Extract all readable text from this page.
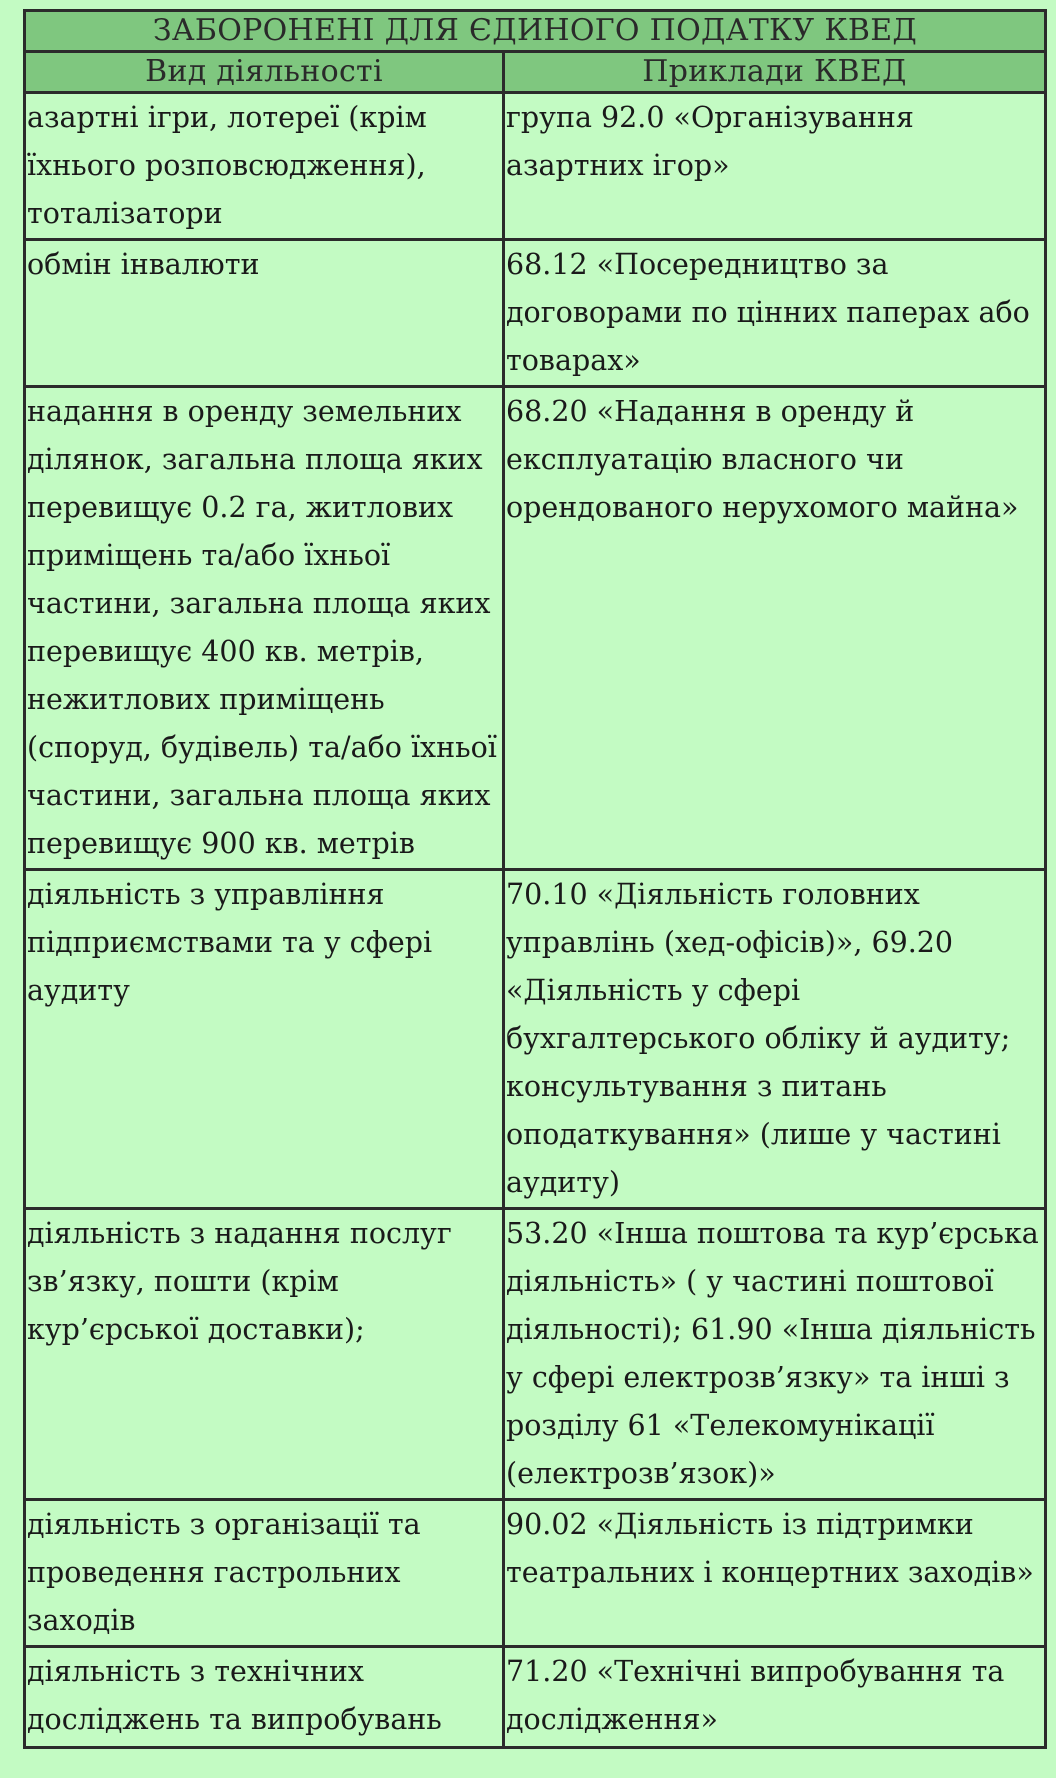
ЗАБОРОНЕНІ ДЛЯ ЄДИНОГО ПОДАТКУ КВЕД	
Вид діяльності	Приклади КВЕД
азартні ігри, лотереї (крім їхнього розповсюдження), тоталізатори	група 92.0 «Організування азартних ігор»
обмін інвалюти	68.12 «Посередництво за договорами по цінних паперах або товарах»
надання в оренду земельних ділянок, загальна площа яких перевищує 0.2 га, житлових приміщень та/або їхньої частини, загальна площа яких перевищує 400 кв. метрів, нежитлових приміщень (споруд, будівель) та/або їхньої частини, загальна площа яких перевищує 900 кв. метрів	68.20 «Надання в оренду й експлуатацію власного чи орендованого нерухомого майна»
діяльність з управління підприємствами та у сфері аудиту	70.10 «Діяльність головних управлінь (хед-офісів)», 69.20 «Діяльність у сфері бухгалтерського обліку й аудиту; консультування з питань оподаткування» (лише у частині аудиту)
діяльність з надання послуг зв’язку, пошти (крім кур’єрської доставки);	53.20 «Інша поштова та кур’єрська діяльність» ( у частині поштової діяльності); 61.90 «Інша діяльність у сфері електрозв’язку» та інші з розділу 61 «Телекомунікації (електрозв’язок)»
діяльність з організації та проведення гастрольних заходів	90.02 «Діяльність із підтримки театральних і концертних заходів»
діяльність з технічних досліджень та випробувань	71.20 «Технічні випробування та дослідження»
